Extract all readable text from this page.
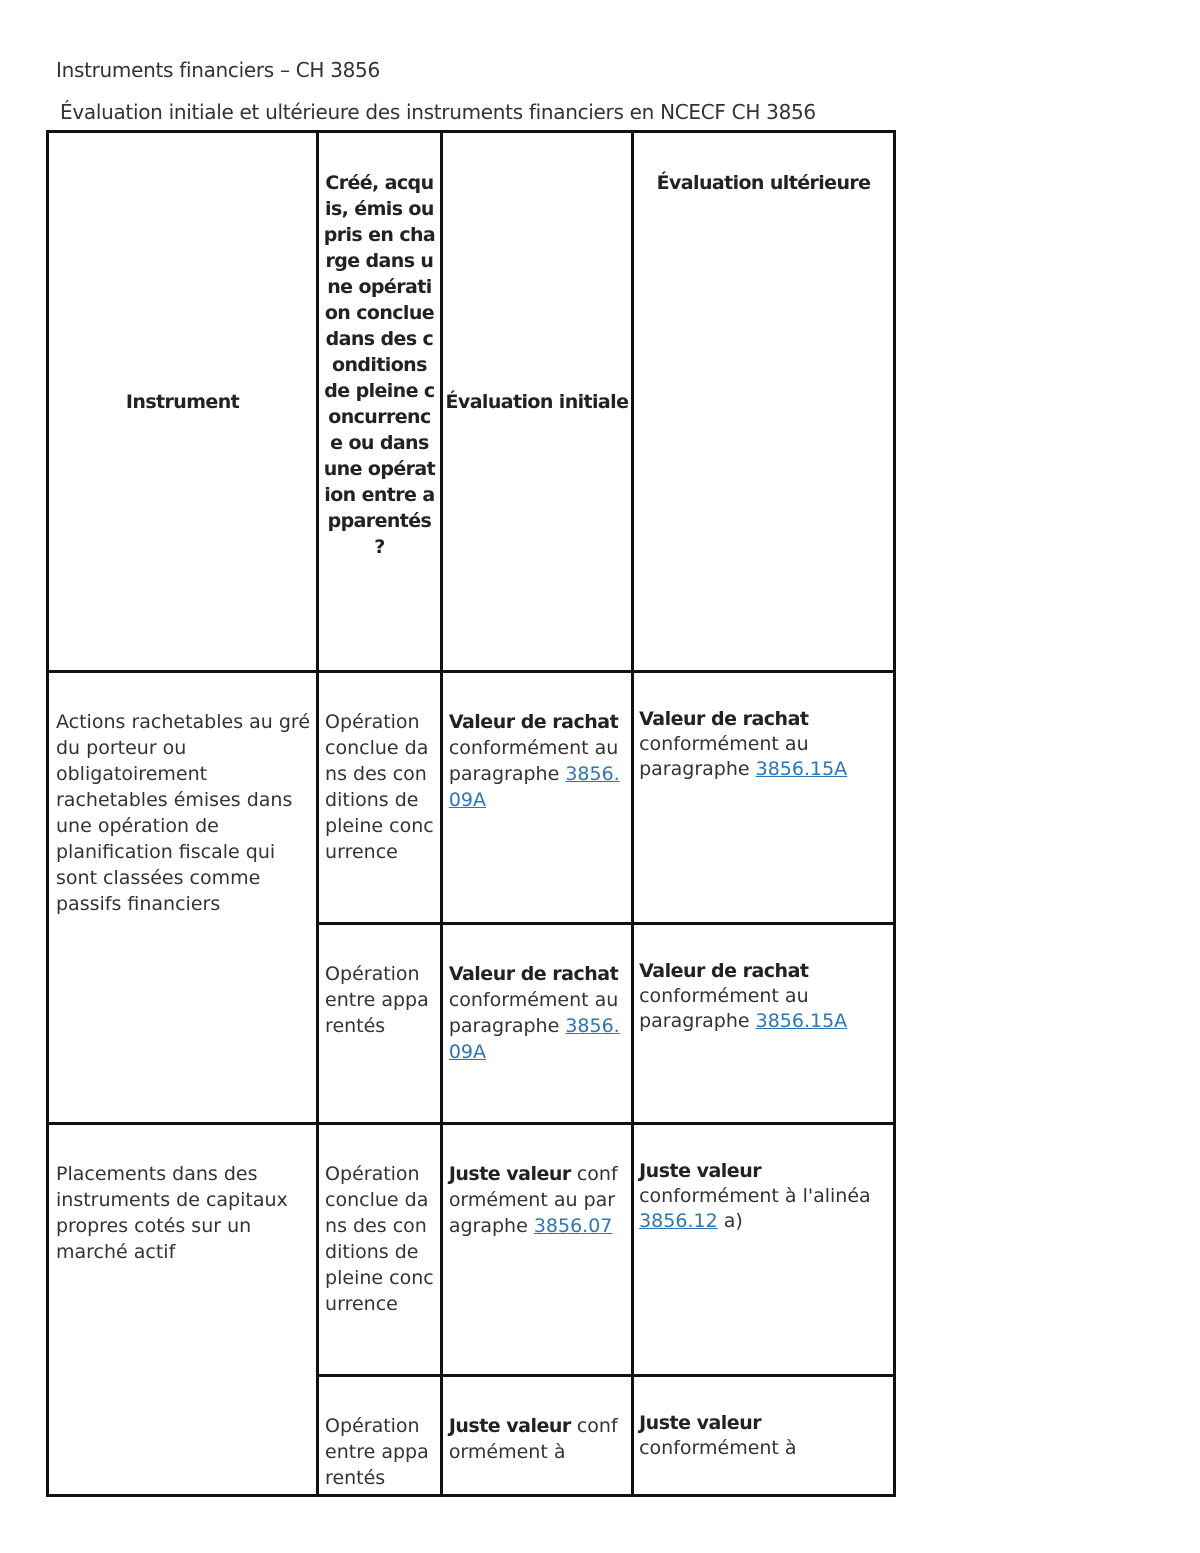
Instruments financiers – CH 3856
Évaluation initiale et ultérieure des instruments financiers en NCECF CH 3856
Instrument	Créé, acquis, émis ou pris en charge dans une opération conclue dans des conditions de pleine concurrence ou dans une opération entre apparentés ?	Évaluation initiale	Évaluation ultérieure

Actions rachetables au gré du porteur ou obligatoirement rachetables émises dans une opération de planification fiscale qui sont classées comme passifs financiers	Opération conclue dans des conditions de pleine concurrence	Valeur de rachat conformément au paragraphe 3856.09A	Valeur de rachat conformément au paragraphe 3856.15A

	Opération entre apparentés	Valeur de rachat conformément au paragraphe 3856.09A	Valeur de rachat conformément au paragraphe 3856.15A

Placements dans des instruments de capitaux propres cotés sur un marché actif	Opération conclue dans des conditions de pleine concurrence	Juste valeur conformément au paragraphe 3856.07	Juste valeur conformément à l'alinéa 3856.12 a)

	Opération entre apparentés	Juste valeur conformément à	Juste valeur conformément à
